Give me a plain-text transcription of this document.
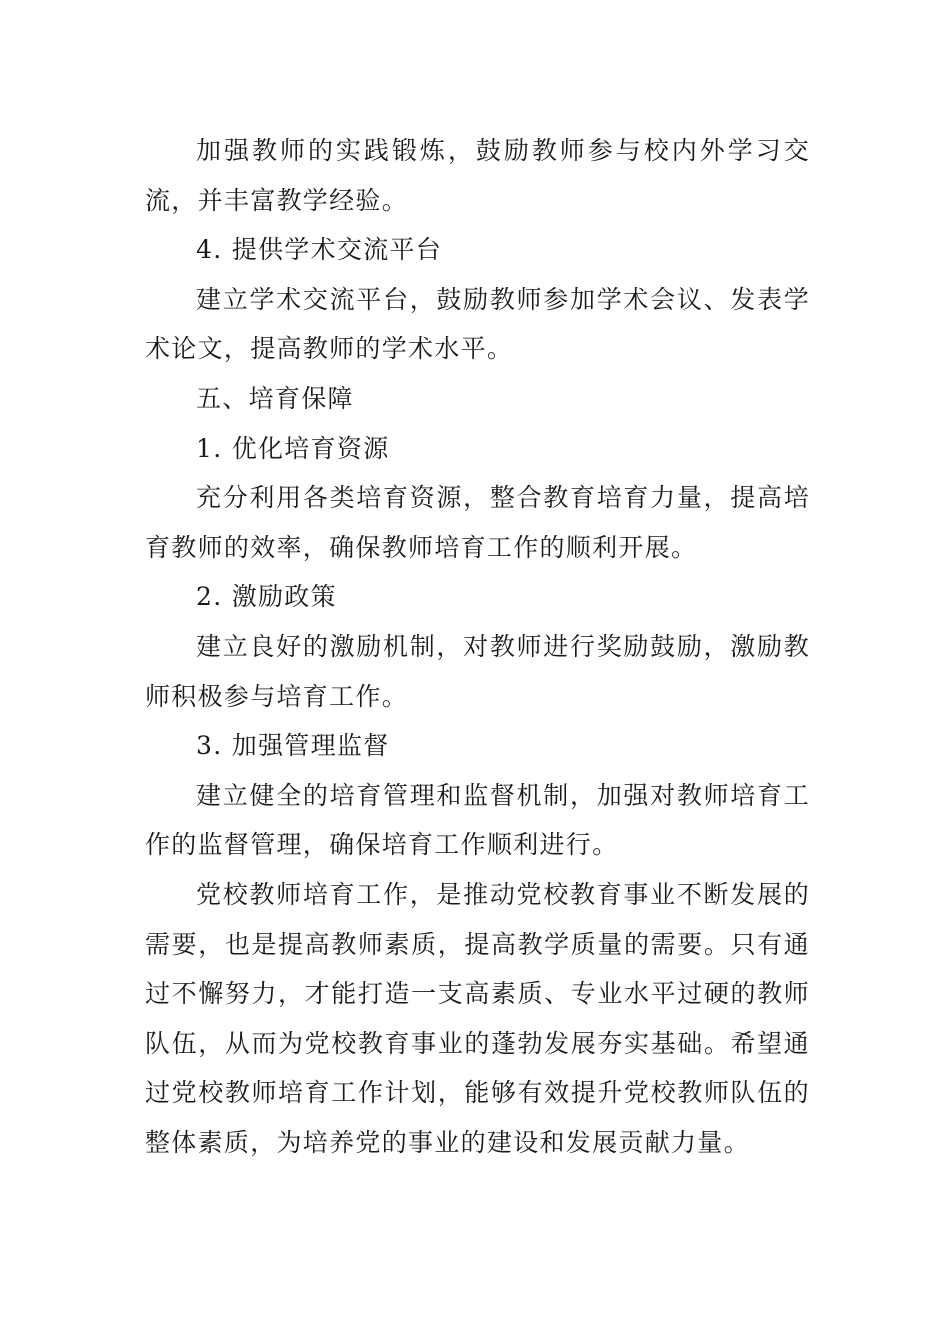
加强教师的实践锻炼，鼓励教师参与校内外学习交流，并丰富教学经验。

4. 提供学术交流平台

建立学术交流平台，鼓励教师参加学术会议、发表学术论文，提高教师的学术水平。

五、培育保障

1. 优化培育资源

充分利用各类培育资源，整合教育培育力量，提高培育教师的效率，确保教师培育工作的顺利开展。

2. 激励政策

建立良好的激励机制，对教师进行奖励鼓励，激励教师积极参与培育工作。

3. 加强管理监督

建立健全的培育管理和监督机制，加强对教师培育工作的监督管理，确保培育工作顺利进行。

党校教师培育工作，是推动党校教育事业不断发展的需要，也是提高教师素质，提高教学质量的需要。只有通过不懈努力，才能打造一支高素质、专业水平过硬的教师队伍，从而为党校教育事业的蓬勃发展夯实基础。希望通过党校教师培育工作计划，能够有效提升党校教师队伍的整体素质，为培养党的事业的建设和发展贡献力量。
